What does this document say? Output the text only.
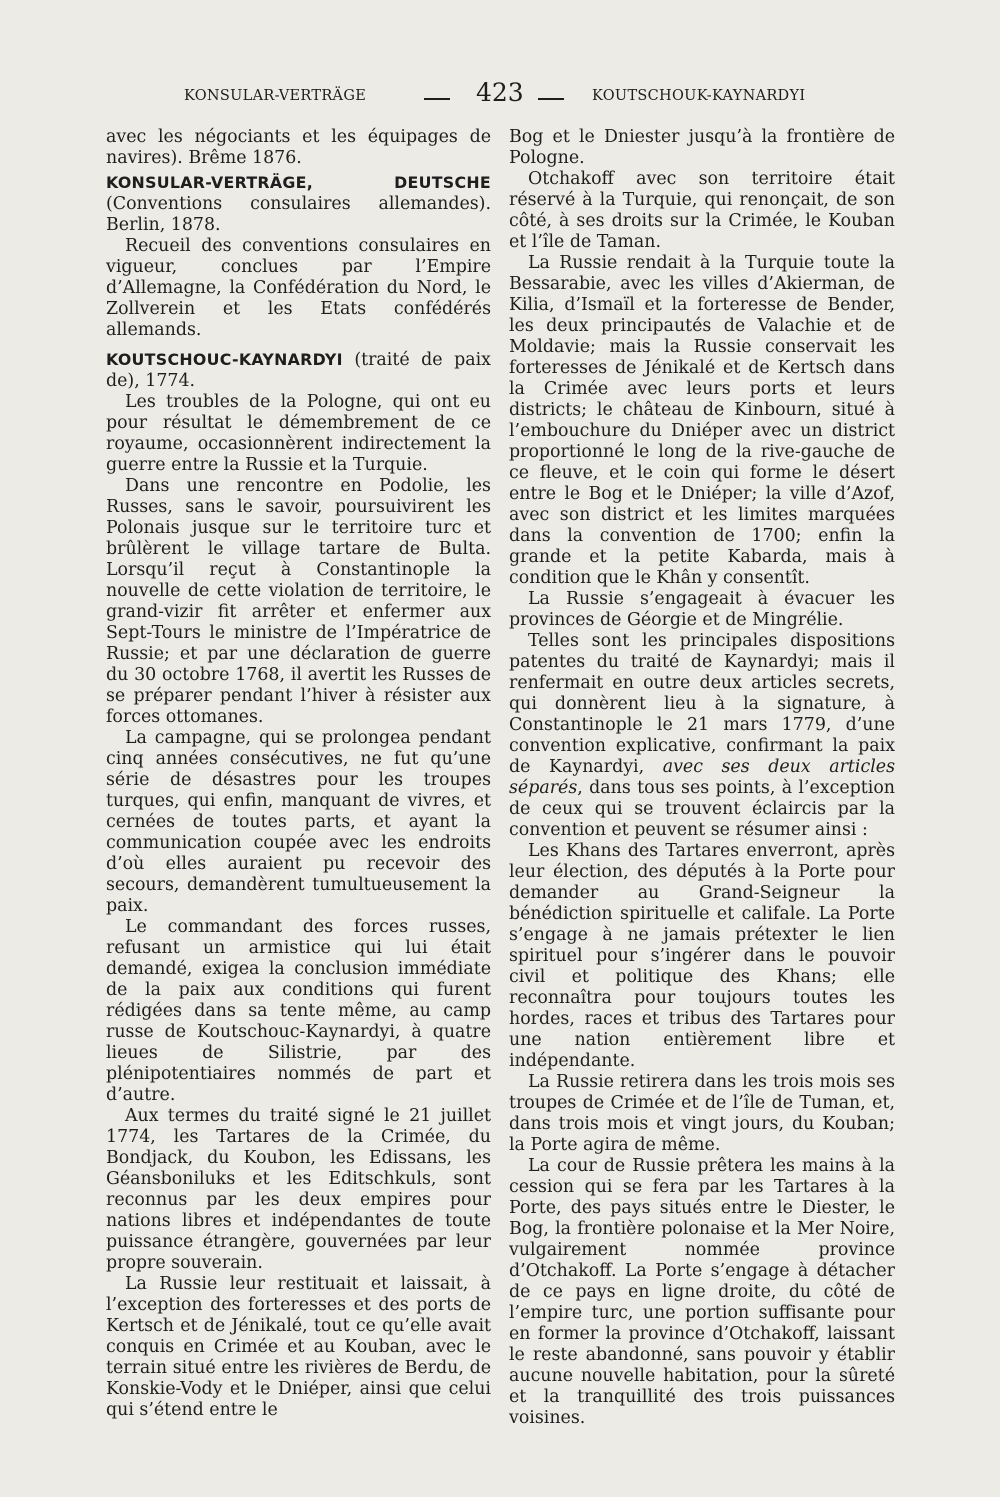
KONSULAR-VERTRÄGE	423	KOUTSCHOUK-KAYNARDYI

avec les négociants et les équipages de navires). Brême 1876.

KONSULAR-VERTRÄGE, DEUTSCHE (Conventions consulaires allemandes). Berlin, 1878.

Recueil des conventions consulaires en vigueur, conclues par l’Empire d’Allemagne, la Confédération du Nord, le Zollverein et les Etats confédérés allemands.

KOUTSCHOUC-KAYNARDYI (traité de paix de), 1774.

Les troubles de la Pologne, qui ont eu pour résultat le démembrement de ce royaume, occasionnèrent indirectement la guerre entre la Russie et la Turquie.

Dans une rencontre en Podolie, les Russes, sans le savoir, poursuivirent les Polonais jusque sur le territoire turc et brûlèrent le village tartare de Bulta. Lorsqu’il reçut à Constantinople la nouvelle de cette violation de territoire, le grand-vizir fit arrêter et enfermer aux Sept-Tours le ministre de l’Impératrice de Russie; et par une déclaration de guerre du 30 octobre 1768, il avertit les Russes de se préparer pendant l’hiver à résister aux forces ottomanes.

La campagne, qui se prolongea pendant cinq années consécutives, ne fut qu’une série de désastres pour les troupes turques, qui enfin, manquant de vivres, et cernées de toutes parts, et ayant la communication coupée avec les endroits d’où elles auraient pu recevoir des secours, demandèrent tumultueusement la paix.

Le commandant des forces russes, refusant un armistice qui lui était demandé, exigea la conclusion immédiate de la paix aux conditions qui furent rédigées dans sa tente même, au camp russe de Koutschouc-Kaynardyi, à quatre lieues de Silistrie, par des plénipotentiaires nommés de part et d’autre.

Aux termes du traité signé le 21 juillet 1774, les Tartares de la Crimée, du Bondjack, du Koubon, les Edissans, les Géansboniluks et les Editschkuls, sont reconnus par les deux empires pour nations libres et indépendantes de toute puissance étrangère, gouvernées par leur propre souverain.

La Russie leur restituait et laissait, à l’exception des forteresses et des ports de Kertsch et de Jénikalé, tout ce qu’elle avait conquis en Crimée et au Kouban, avec le terrain situé entre les rivières de Berdu, de Konskie-Vody et le Dniéper, ainsi que celui qui s’étend entre le

Bog et le Dniester jusqu’à la frontière de Pologne.

Otchakoff avec son territoire était réservé à la Turquie, qui renonçait, de son côté, à ses droits sur la Crimée, le Kouban et l’île de Taman.

La Russie rendait à la Turquie toute la Bessarabie, avec les villes d’Akierman, de Kilia, d’Ismaïl et la forteresse de Bender, les deux principautés de Valachie et de Moldavie; mais la Russie conservait les forteresses de Jénikalé et de Kertsch dans la Crimée avec leurs ports et leurs districts; le château de Kinbourn, situé à l’embouchure du Dniéper avec un district proportionné le long de la rive-gauche de ce fleuve, et le coin qui forme le désert entre le Bog et le Dniéper; la ville d’Azof, avec son district et les limites marquées dans la convention de 1700; enfin la grande et la petite Kabarda, mais à condition que le Khân y consentît.

La Russie s’engageait à évacuer les provinces de Géorgie et de Mingrélie.

Telles sont les principales dispositions patentes du traité de Kaynardyi; mais il renfermait en outre deux articles secrets, qui donnèrent lieu à la signature, à Constantinople le 21 mars 1779, d’une convention explicative, confirmant la paix de Kaynardyi, avec ses deux articles séparés, dans tous ses points, à l’exception de ceux qui se trouvent éclaircis par la convention et peuvent se résumer ainsi :

Les Khans des Tartares enverront, après leur élection, des députés à la Porte pour demander au Grand-Seigneur la bénédiction spirituelle et califale. La Porte s’engage à ne jamais prétexter le lien spirituel pour s’ingérer dans le pouvoir civil et politique des Khans; elle reconnaîtra pour toujours toutes les hordes, races et tribus des Tartares pour une nation entièrement libre et indépendante.

La Russie retirera dans les trois mois ses troupes de Crimée et de l’île de Tuman, et, dans trois mois et vingt jours, du Kouban; la Porte agira de même.

La cour de Russie prêtera les mains à la cession qui se fera par les Tartares à la Porte, des pays situés entre le Diester, le Bog, la frontière polonaise et la Mer Noire, vulgairement nommée province d’Otchakoff. La Porte s’engage à détacher de ce pays en ligne droite, du côté de l’empire turc, une portion suffisante pour en former la province d’Otchakoff, laissant le reste abandonné, sans pouvoir y établir aucune nouvelle habitation, pour la sûreté et la tranquillité des trois puissances voisines.
